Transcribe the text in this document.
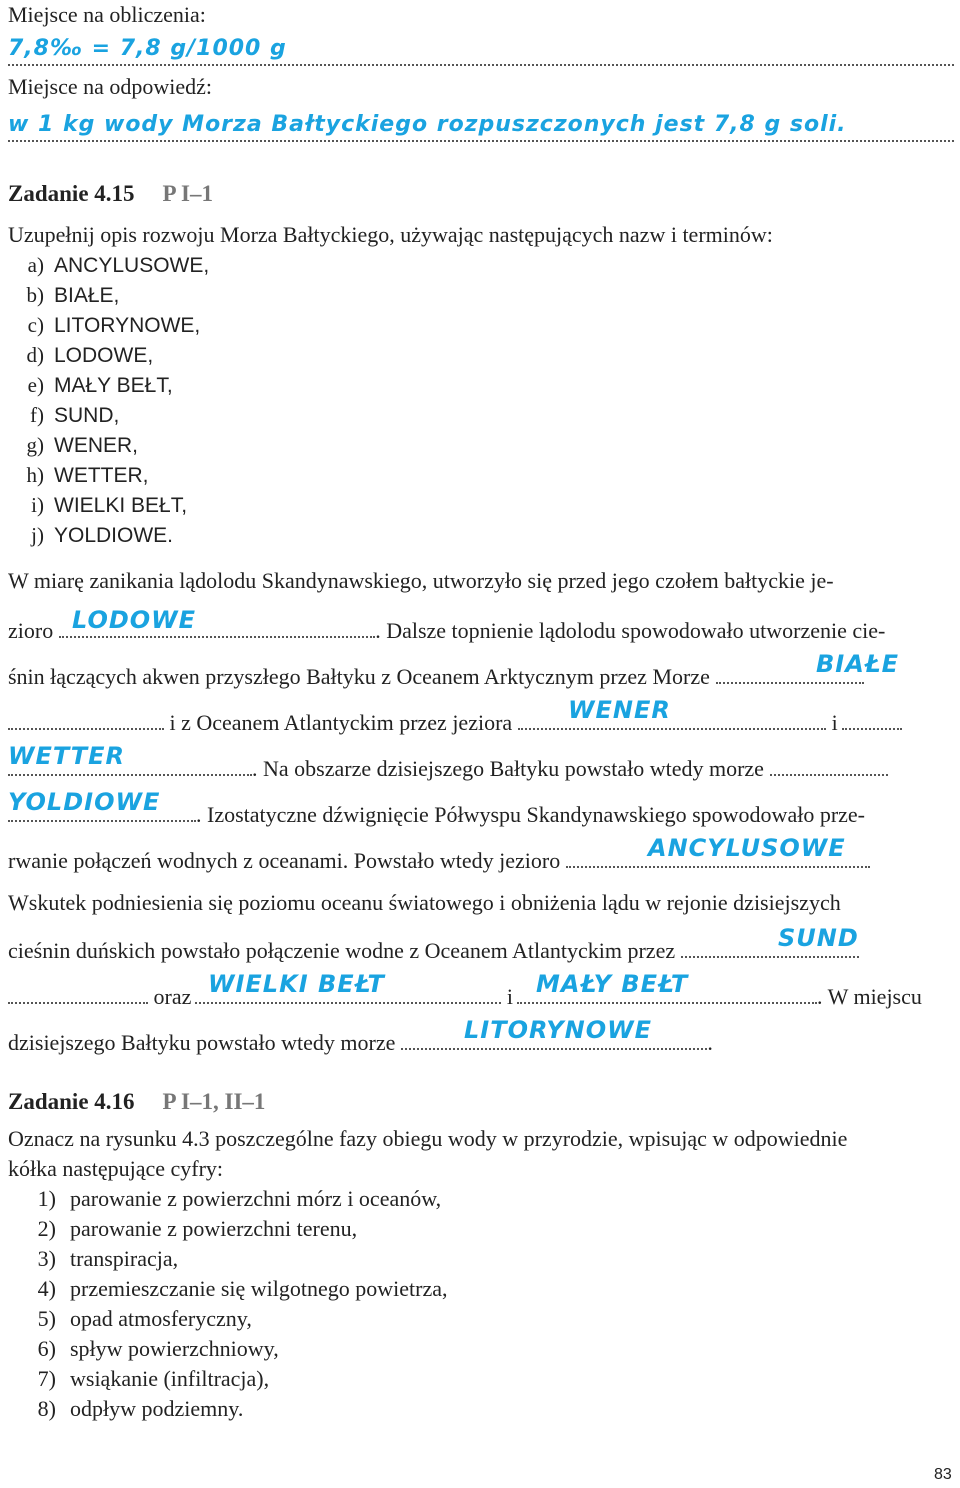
Miejsce na obliczenia:
7,8‰ = 7,8 g/1000 g
Miejsce na odpowiedź:
w 1 kg wody Morza Bałtyckiego rozpuszczonych jest 7,8 g soli.
Zadanie 4.15 P I–1
Uzupełnij opis rozwoju Morza Bałtyckiego, używając następujących nazw i terminów:
a) ANCYLUSOWE,
b) BIAŁE,
c) LITORYNOWE,
d) LODOWE,
e) MAŁY BEŁT,
f) SUND,
g) WENER,
h) WETTER,
i) WIELKI BEŁT,
j) YOLDIOWE.
W miarę zanikania lądolodu Skandynawskiego, utworzyło się przed jego czołem bałtyckie je-
zioro	. Dalsze topnienie lądolodu spowodowało utworzenie cie-
LODOWE
śnin łączących akwen przyszłego Bałtyku z Oceanem Arktycznym przez Morze	BIAŁE
i z Oceanem Atlantyckim przez jeziora	i
WENER
. Na obszarze dzisiejszego Bałtyku powstało wtedy morze
WETTER
. Izostatyczne dźwignięcie Półwyspu Skandynawskiego spowodowało prze-
YOLDIOWE
rwanie połączeń wodnych z oceanami. Powstało wtedy jezioro	ANCYLUSOWE
Wskutek podniesienia się poziomu oceanu światowego i obniżenia lądu w rejonie dzisiejszych
cieśnin duńskich powstało połączenie wodne z Oceanem Atlantyckim przez	SUND
oraz	i	. W miejscu
WIELKI BEŁT	MAŁY BEŁT
dzisiejszego Bałtyku powstało wtedy morze	.
LITORYNOWE
Zadanie 4.16 P I–1, II–1
Oznacz na rysunku 4.3 poszczególne fazy obiegu wody w przyrodzie, wpisując w odpowiednie
kółka następujące cyfry:
1) parowanie z powierzchni mórz i oceanów,
2) parowanie z powierzchni terenu,
3) transpiracja,
4) przemieszczanie się wilgotnego powietrza,
5) opad atmosferyczny,
6) spływ powierzchniowy,
7) wsiąkanie (infiltracja),
8) odpływ podziemny.
83
